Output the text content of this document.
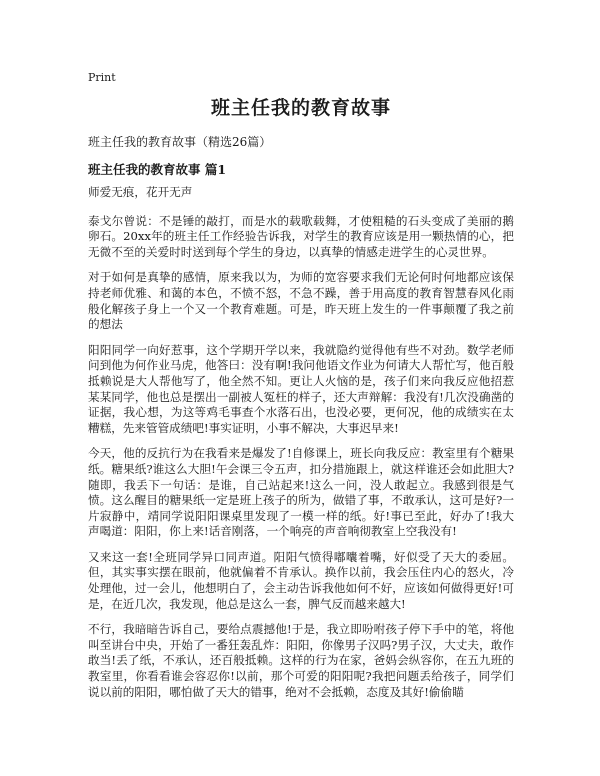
Print

班主任我的教育故事

班主任我的教育故事（精选26篇）

班主任我的教育故事 篇1

师爱无痕，花开无声

泰戈尔曾说：不是锤的敲打，而是水的载歌载舞，才使粗糙的石头变成了美丽的鹅卵石。20xx年的班主任工作经验告诉我，对学生的教育应该是用一颗热情的心，把无微不至的关爱时时送到每个学生的身边，以真挚的情感走进学生的心灵世界。

对于如何是真挚的感情，原来我以为，为师的宽容要求我们无论何时何地都应该保持老师优雅、和蔼的本色，不愤不怒，不急不躁，善于用高度的教育智慧春风化雨般化解孩子身上一个又一个教育难题。可是，昨天班上发生的一件事颠覆了我之前的想法

阳阳同学一向好惹事，这个学期开学以来，我就隐约觉得他有些不对劲。数学老师问到他为何作业马虎，他答曰：没有啊!我问他语文作业为何请大人帮忙写，他百般抵赖说是大人帮他写了，他全然不知。更让人火恼的是，孩子们来向我反应他招惹某某同学，他也总是摆出一副被人冤枉的样子，还大声辩解：我没有!几次没确凿的证据，我心想，为这等鸡毛事查个水落石出，也没必要，更何况，他的成绩实在太糟糕，先来管管成绩吧!事实证明，小事不解决，大事迟早来!

今天，他的反抗行为在我看来是爆发了!自修课上，班长向我反应：教室里有个糖果纸。糖果纸?谁这么大胆!午会课三令五声，扣分措施跟上，就这样谁还会如此胆大?随即，我丢下一句话：是谁，自己站起来!这么一问，没人敢起立。我感到很是气愤。这么醒目的糖果纸一定是班上孩子的所为，做错了事，不敢承认，这可是好?一片寂静中，靖同学说阳阳课桌里发现了一模一样的纸。好!事已至此，好办了!我大声喝道：阳阳，你上来!话音刚落，一个响亮的声音响彻教室上空我没有!

又来这一套!全班同学异口同声道。阳阳气愤得嘟囔着嘴，好似受了天大的委屈。但，其实事实摆在眼前，他就偏着不肯承认。换作以前，我会压住内心的怒火，冷处理他，过一会儿，他想明白了，会主动告诉我他如何不好，应该如何做得更好!可是，在近几次，我发现，他总是这么一套，脾气反而越来越大!

不行，我暗暗告诉自己，要给点震撼他!于是，我立即吩咐孩子停下手中的笔，将他叫至讲台中央，开始了一番狂轰乱炸：阳阳，你像男子汉吗?男子汉，大丈夫，敢作敢当!丢了纸，不承认，还百般抵赖。这样的行为在家，爸妈会纵容你，在五九班的教室里，你看看谁会容忍你!以前，那个可爱的阳阳呢?我把问题丢给孩子，同学们说以前的阳阳，哪怕做了天大的错事，绝对不会抵赖，态度及其好!偷偷瞄
